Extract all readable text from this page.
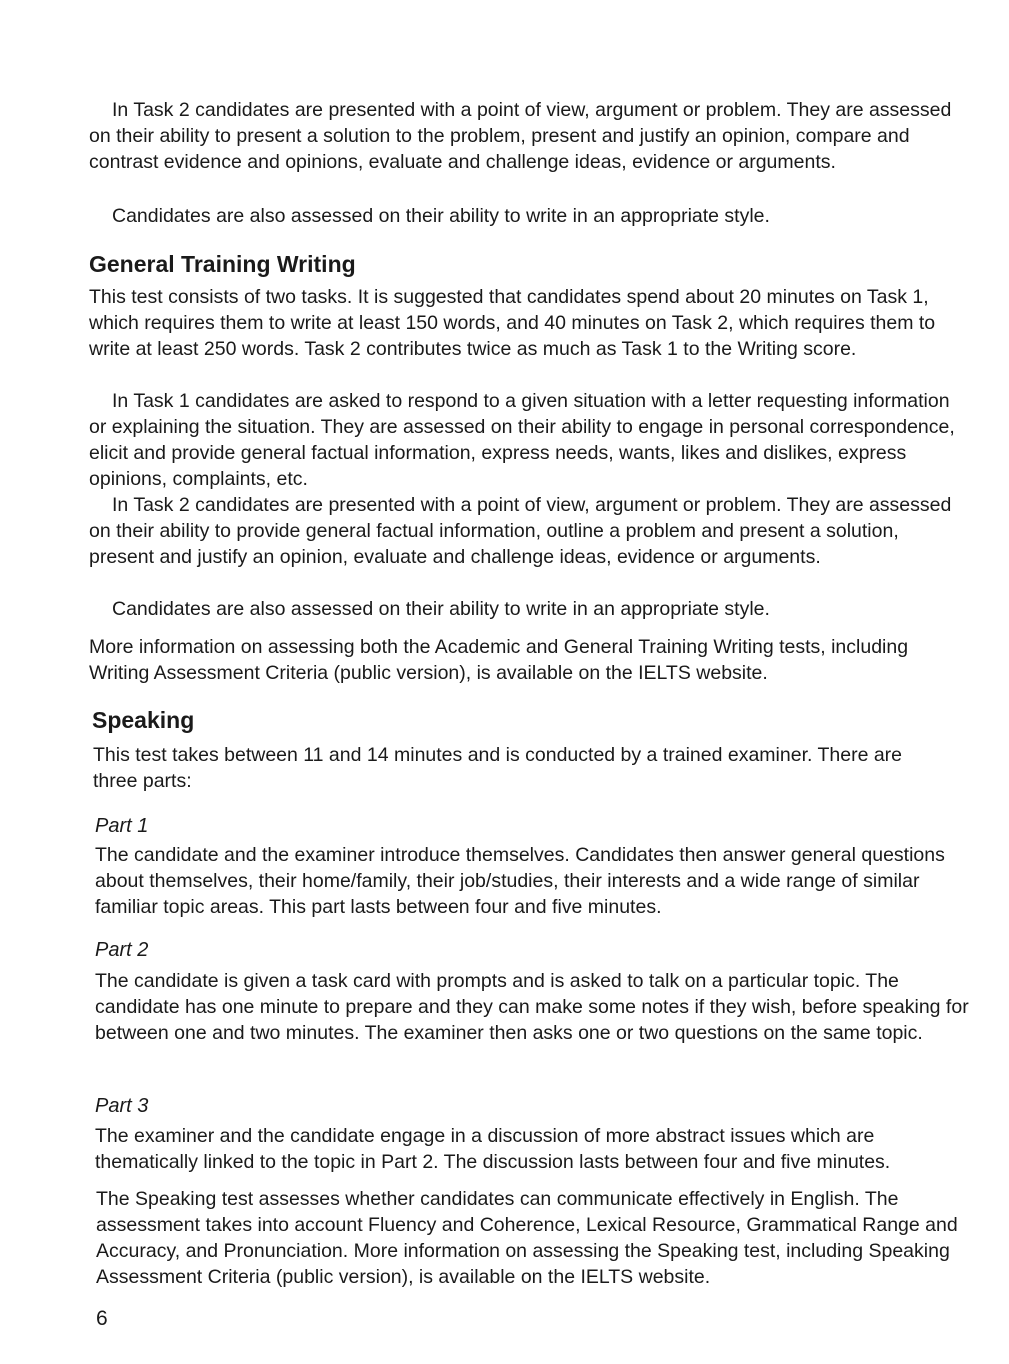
In Task 2 candidates are presented with a point of view, argument or problem. They are assessed on their ability to present a solution to the problem, present and justify an opinion, compare and contrast evidence and opinions, evaluate and challenge ideas, evidence or arguments.

Candidates are also assessed on their ability to write in an appropriate style.

General Training Writing

This test consists of two tasks. It is suggested that candidates spend about 20 minutes on Task 1, which requires them to write at least 150 words, and 40 minutes on Task 2, which requires them to write at least 250 words. Task 2 contributes twice as much as Task 1 to the Writing score.

In Task 1 candidates are asked to respond to a given situation with a letter requesting information or explaining the situation. They are assessed on their ability to engage in personal correspondence, elicit and provide general factual information, express needs, wants, likes and dislikes, express opinions, complaints, etc.

In Task 2 candidates are presented with a point of view, argument or problem. They are assessed on their ability to provide general factual information, outline a problem and present a solution, present and justify an opinion, evaluate and challenge ideas, evidence or arguments.

Candidates are also assessed on their ability to write in an appropriate style.

More information on assessing both the Academic and General Training Writing tests, including Writing Assessment Criteria (public version), is available on the IELTS website.

Speaking

This test takes between 11 and 14 minutes and is conducted by a trained examiner. There are three parts:

Part 1

The candidate and the examiner introduce themselves. Candidates then answer general questions about themselves, their home/family, their job/studies, their interests and a wide range of similar familiar topic areas. This part lasts between four and five minutes.

Part 2

The candidate is given a task card with prompts and is asked to talk on a particular topic. The candidate has one minute to prepare and they can make some notes if they wish, before speaking for between one and two minutes. The examiner then asks one or two questions on the same topic.

Part 3

The examiner and the candidate engage in a discussion of more abstract issues which are thematically linked to the topic in Part 2. The discussion lasts between four and five minutes.

The Speaking test assesses whether candidates can communicate effectively in English. The assessment takes into account Fluency and Coherence, Lexical Resource, Grammatical Range and Accuracy, and Pronunciation. More information on assessing the Speaking test, including Speaking Assessment Criteria (public version), is available on the IELTS website.

6
